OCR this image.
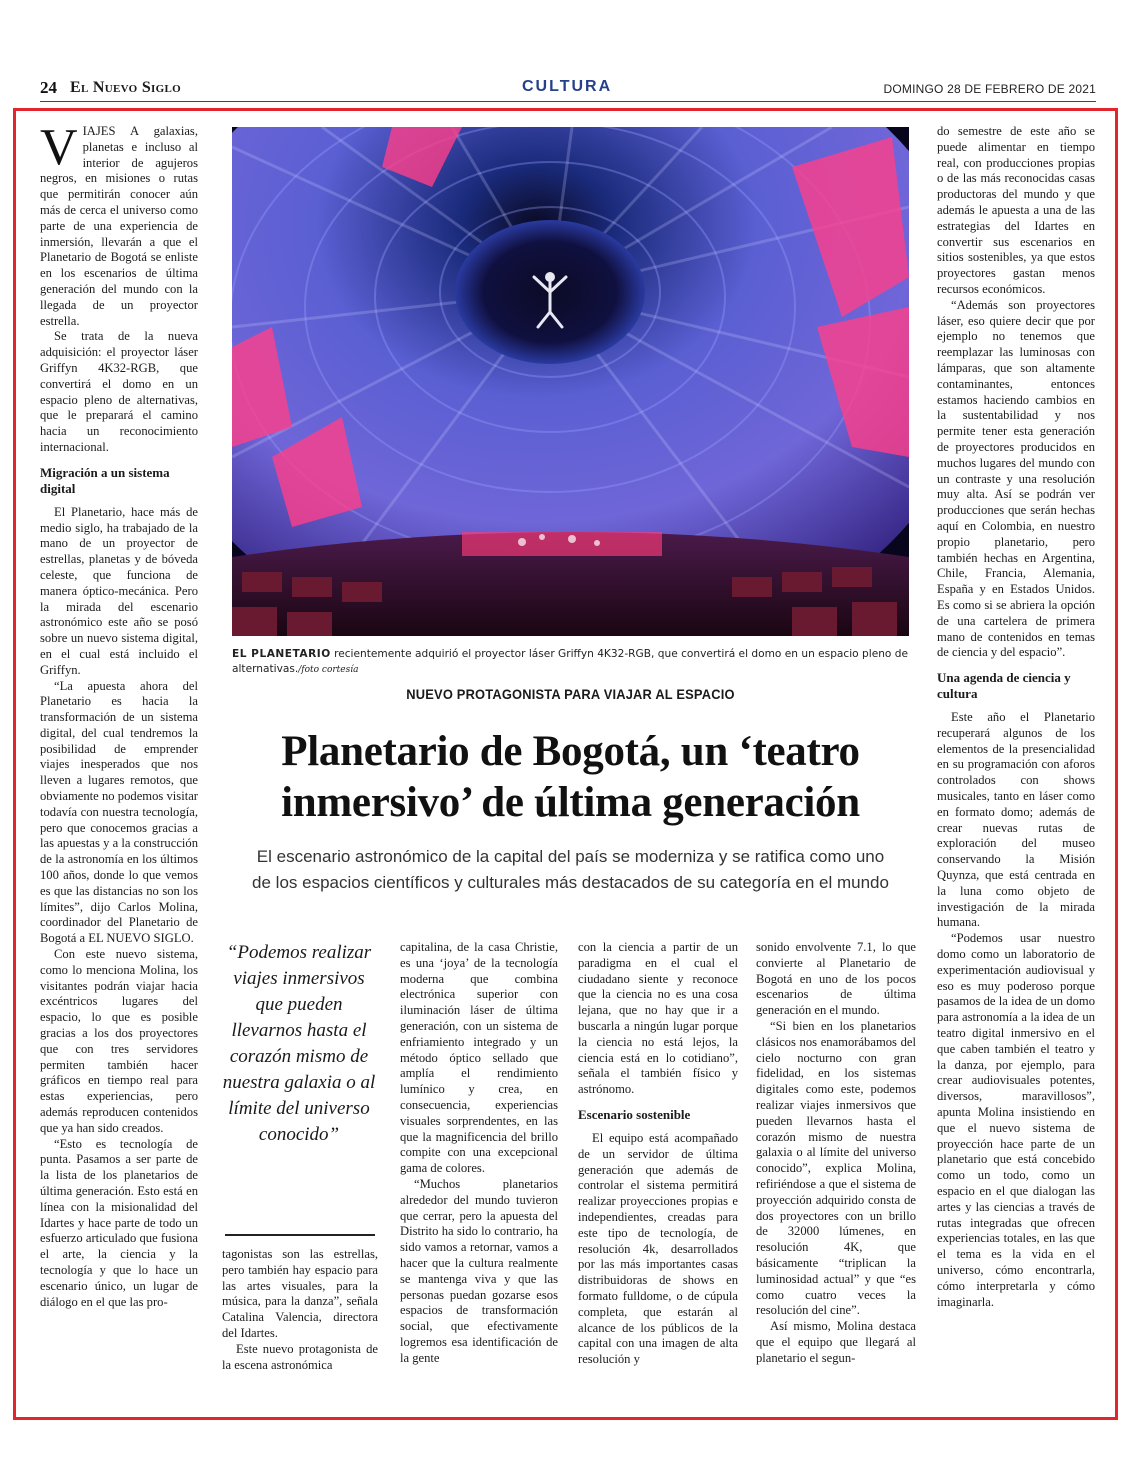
24 El Nuevo Siglo	CULTURA	DOMINGO 28 DE FEBRERO DE 2021

VIAJES A galaxias, planetas e incluso al interior de agujeros negros, en misiones o rutas que permitirán conocer aún más de cerca el universo como parte de una experiencia de inmersión, llevarán a que el Planetario de Bogotá se enliste en los escenarios de última generación del mundo con la llegada de un proyector estrella.

Se trata de la nueva adquisición: el proyector láser Griffyn 4K32-RGB, que convertirá el domo en un espacio pleno de alternativas, que le preparará el camino hacia un reconocimiento internacional.

Migración a un sistema digital

El Planetario, hace más de medio siglo, ha trabajado de la mano de un proyector de estrellas, planetas y de bóveda celeste, que funciona de manera óptico-mecánica. Pero la mirada del escenario astronómico este año se posó sobre un nuevo sistema digital, en el cual está incluido el Griffyn.

“La apuesta ahora del Planetario es hacia la transformación de un sistema digital, del cual tendremos la posibilidad de emprender viajes inesperados que nos lleven a lugares remotos, que obviamente no podemos visitar todavía con nuestra tecnología, pero que conocemos gracias a las apuestas y a la construcción de la astronomía en los últimos 100 años, donde lo que vemos es que las distancias no son los límites”, dijo Carlos Molina, coordinador del Planetario de Bogotá a EL NUEVO SIGLO.

Con este nuevo sistema, como lo menciona Molina, los visitantes podrán viajar hacia excéntricos lugares del espacio, lo que es posible gracias a los dos proyectores que con tres servidores permiten también hacer gráficos en tiempo real para estas experiencias, pero además reproducen contenidos que ya han sido creados.

“Esto es tecnología de punta. Pasamos a ser parte de la lista de los planetarios de última generación. Esto está en línea con la misionalidad del Idartes y hace parte de todo un esfuerzo articulado que fusiona el arte, la ciencia y la tecnología y que lo hace un escenario único, un lugar de diálogo en el que las pro-

EL PLANETARIO recientemente adquirió el proyector láser Griffyn 4K32-RGB, que convertirá el domo en un espacio pleno de alternativas./foto cortesía
NUEVO PROTAGONISTA PARA VIAJAR AL ESPACIO
Planetario de Bogotá, un ‘teatro inmersivo’ de última generación
El escenario astronómico de la capital del país se moderniza y se ratifica como uno de los espacios científicos y culturales más destacados de su categoría en el mundo
“Podemos realizar viajes inmersivos que pueden llevarnos hasta el corazón mismo de nuestra galaxia o al límite del universo conocido”

tagonistas son las estrellas, pero también hay espacio para las artes visuales, para la música, para la danza”, señala Catalina Valencia, directora del Idartes.

Este nuevo protagonista de la escena astronómica

capitalina, de la casa Christie, es una ‘joya’ de la tecnología moderna que combina electrónica superior con iluminación láser de última generación, con un sistema de enfriamiento integrado y un método óptico sellado que amplía el rendimiento lumínico y crea, en consecuencia, experiencias visuales sorprendentes, en las que la magnificencia del brillo compite con una excepcional gama de colores.

“Muchos planetarios alrededor del mundo tuvieron que cerrar, pero la apuesta del Distrito ha sido lo contrario, ha sido vamos a retornar, vamos a hacer que la cultura realmente se mantenga viva y que las personas puedan gozarse esos espacios de transformación social, que efectivamente logremos esa identificación de la gente

con la ciencia a partir de un paradigma en el cual el ciudadano siente y reconoce que la ciencia no es una cosa lejana, que no hay que ir a buscarla a ningún lugar porque la ciencia no está lejos, la ciencia está en lo cotidiano”, señala el también físico y astrónomo.

Escenario sostenible

El equipo está acompañado de un servidor de última generación que además de controlar el sistema permitirá realizar proyecciones propias e independientes, creadas para este tipo de tecnología, de resolución 4k, desarrollados por las más importantes casas distribuidoras de shows en formato fulldome, o de cúpula completa, que estarán al alcance de los públicos de la capital con una imagen de alta resolución y

sonido envolvente 7.1, lo que convierte al Planetario de Bogotá en uno de los pocos escenarios de última generación en el mundo.

“Si bien en los planetarios clásicos nos enamorábamos del cielo nocturno con gran fidelidad, en los sistemas digitales como este, podemos realizar viajes inmersivos que pueden llevarnos hasta el corazón mismo de nuestra galaxia o al límite del universo conocido”, explica Molina, refiriéndose a que el sistema de proyección adquirido consta de dos proyectores con un brillo de 32000 lúmenes, en resolución 4K, que básicamente “triplican la luminosidad actual” y que “es como cuatro veces la resolución del cine”.

Así mismo, Molina destaca que el equipo que llegará al planetario el segun-

do semestre de este año se puede alimentar en tiempo real, con producciones propias o de las más reconocidas casas productoras del mundo y que además le apuesta a una de las estrategias del Idartes en convertir sus escenarios en sitios sostenibles, ya que estos proyectores gastan menos recursos económicos.

“Además son proyectores láser, eso quiere decir que por ejemplo no tenemos que reemplazar las luminosas con lámparas, que son altamente contaminantes, entonces estamos haciendo cambios en la sustentabilidad y nos permite tener esta generación de proyectores producidos en muchos lugares del mundo con un contraste y una resolución muy alta. Así se podrán ver producciones que serán hechas aquí en Colombia, en nuestro propio planetario, pero también hechas en Argentina, Chile, Francia, Alemania, España y en Estados Unidos. Es como si se abriera la opción de una cartelera de primera mano de contenidos en temas de ciencia y del espacio”.

Una agenda de ciencia y cultura

Este año el Planetario recuperará algunos de los elementos de la presencialidad en su programación con aforos controlados con shows musicales, tanto en láser como en formato domo; además de crear nuevas rutas de exploración del museo conservando la Misión Quynza, que está centrada en la luna como objeto de investigación de la mirada humana.

“Podemos usar nuestro domo como un laboratorio de experimentación audiovisual y eso es muy poderoso porque pasamos de la idea de un domo para astronomía a la idea de un teatro digital inmersivo en el que caben también el teatro y la danza, por ejemplo, para crear audiovisuales potentes, diversos, maravillosos”, apunta Molina insistiendo en que el nuevo sistema de proyección hace parte de un planetario que está concebido como un todo, como un espacio en el que dialogan las artes y las ciencias a través de rutas integradas que ofrecen experiencias totales, en las que el tema es la vida en el universo, cómo encontrarla, cómo interpretarla y cómo imaginarla.
